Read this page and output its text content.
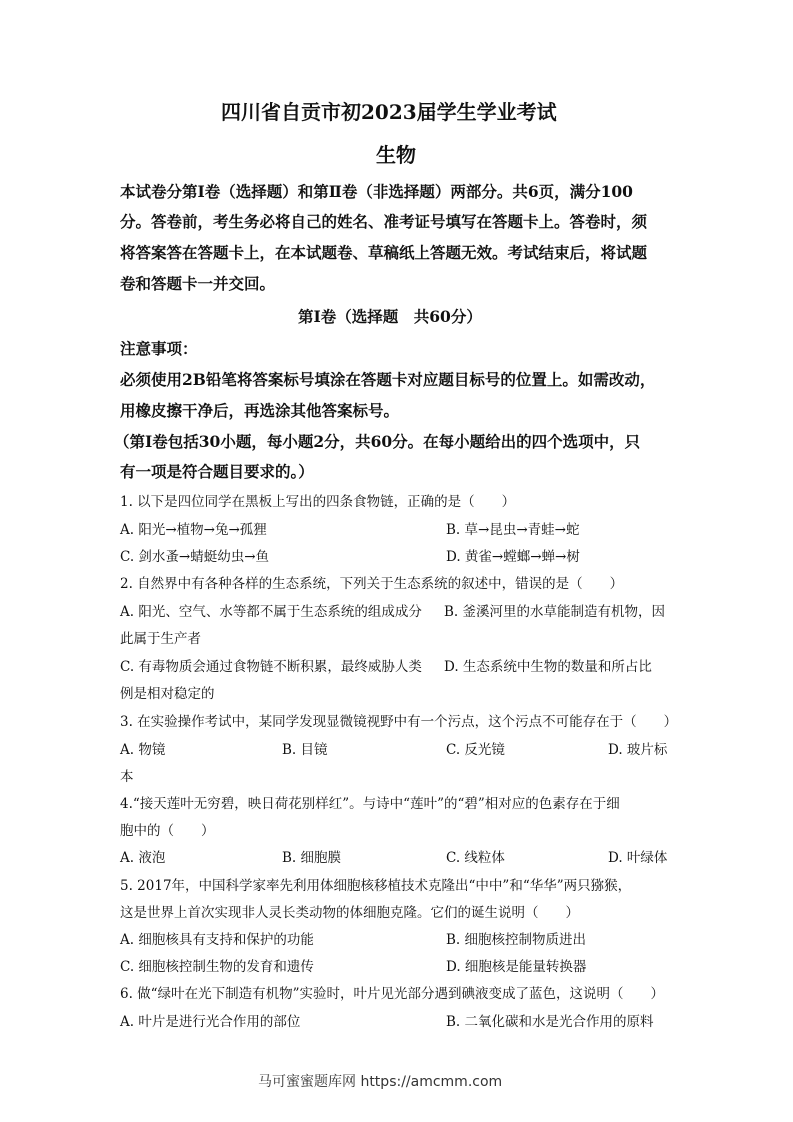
四川省自贡市初2023届学生学业考试
生物
本试卷分第I卷（选择题）和第Ⅱ卷（非选择题）两部分。共6页，满分100
分。答卷前，考生务必将自己的姓名、准考证号填写在答题卡上。答卷时，须
将答案答在答题卡上，在本试题卷、草稿纸上答题无效。考试结束后，将试题
卷和答题卡一并交回。
第I卷（选择题　共60分）
注意事项：
必须使用2B铅笔将答案标号填涂在答题卡对应题目标号的位置上。如需改动，
用橡皮擦干净后，再选涂其他答案标号。
（第I卷包括30小题，每小题2分，共60分。在每小题给出的四个选项中，只
有一项是符合题目要求的。）
1. 以下是四位同学在黑板上写出的四条食物链，正确的是（　　）
A. 阳光→植物→兔→孤狸	B. 草→昆虫→青蛙→蛇
C. 剑水蚤→蜻蜓幼虫→鱼	D. 黄雀→螳螂→蝉→树
2. 自然界中有各种各样的生态系统，下列关于生态系统的叙述中，错误的是（　　）
A. 阳光、空气、水等都不属于生态系统的组成成分 B. 釜溪河里的水草能制造有机物，因
此属于生产者
C. 有毒物质会通过食物链不断积累，最终威胁人类 D. 生态系统中生物的数量和所占比
例是相对稳定的
3. 在实验操作考试中，某同学发现显微镜视野中有一个污点，这个污点不可能存在于（　　）
A. 物镜	B. 目镜	C. 反光镜	D. 玻片标
本
4.“接天莲叶无穷碧，映日荷花别样红”。与诗中“莲叶”的“碧”相对应的色素存在于细
胞中的（　　）
A. 液泡	B. 细胞膜	C. 线粒体	D. 叶绿体
5. 2017年，中国科学家率先利用体细胞核移植技术克隆出“中中”和“华华”两只猕猴，
这是世界上首次实现非人灵长类动物的体细胞克隆。它们的诞生说明（　　）
A. 细胞核具有支持和保护的功能	B. 细胞核控制物质进出
C. 细胞核控制生物的发育和遗传	D. 细胞核是能量转换器
6. 做“绿叶在光下制造有机物”实验时，叶片见光部分遇到碘液变成了蓝色，这说明（　　）
A. 叶片是进行光合作用的部位	B. 二氧化碳和水是光合作用的原料
马可蜜蜜题库网 https://amcmm.com
